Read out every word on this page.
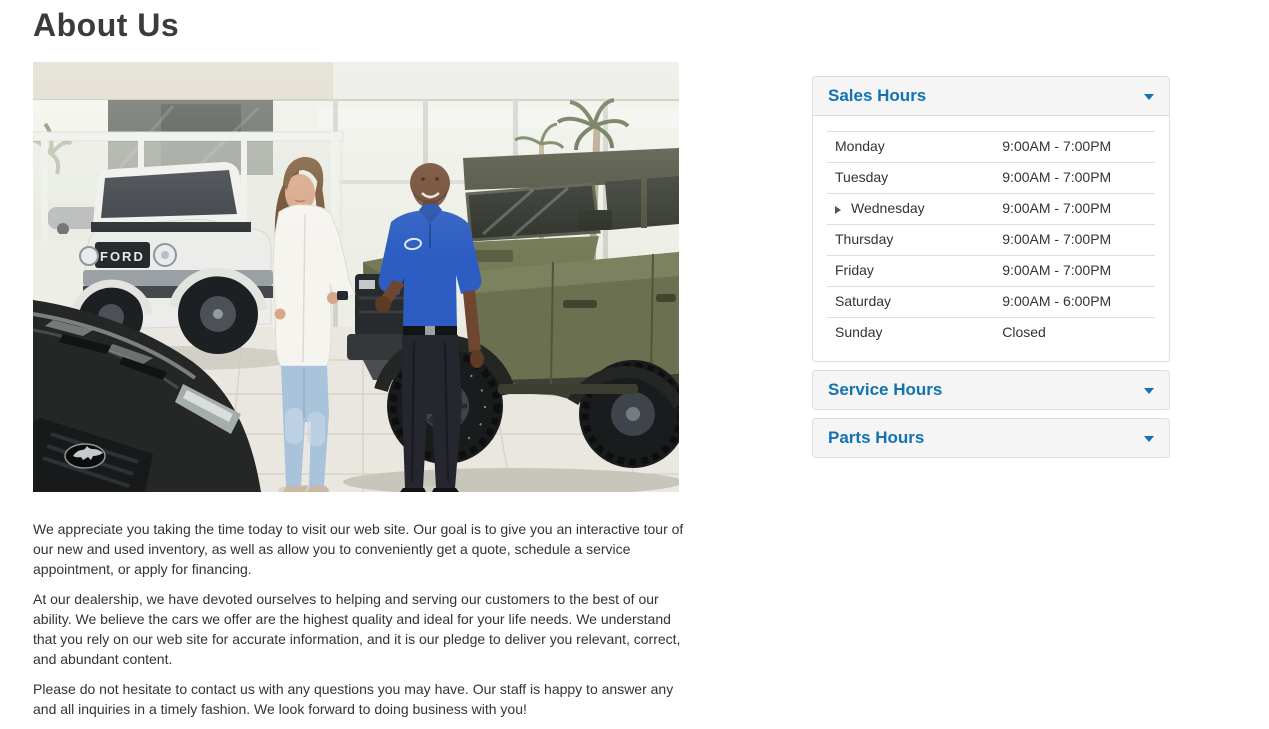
About Us

We appreciate you taking the time today to visit our web site. Our goal is to give you an interactive tour of our new and used inventory, as well as allow you to conveniently get a quote, schedule a service appointment, or apply for financing.

At our dealership, we have devoted ourselves to helping and serving our customers to the best of our ability. We believe the cars we offer are the highest quality and ideal for your life needs. We understand that you rely on our web site for accurate information, and it is our pledge to deliver you relevant, correct, and abundant content.

Please do not hesitate to contact us with any questions you may have. Our staff is happy to answer any and all inquiries in a timely fashion. We look forward to doing business with you!

Sales Hours
Monday	9:00AM - 7:00PM
Tuesday	9:00AM - 7:00PM
Wednesday	9:00AM - 7:00PM
Thursday	9:00AM - 7:00PM
Friday	9:00AM - 7:00PM
Saturday	9:00AM - 6:00PM
Sunday	Closed
Service Hours
Parts Hours
